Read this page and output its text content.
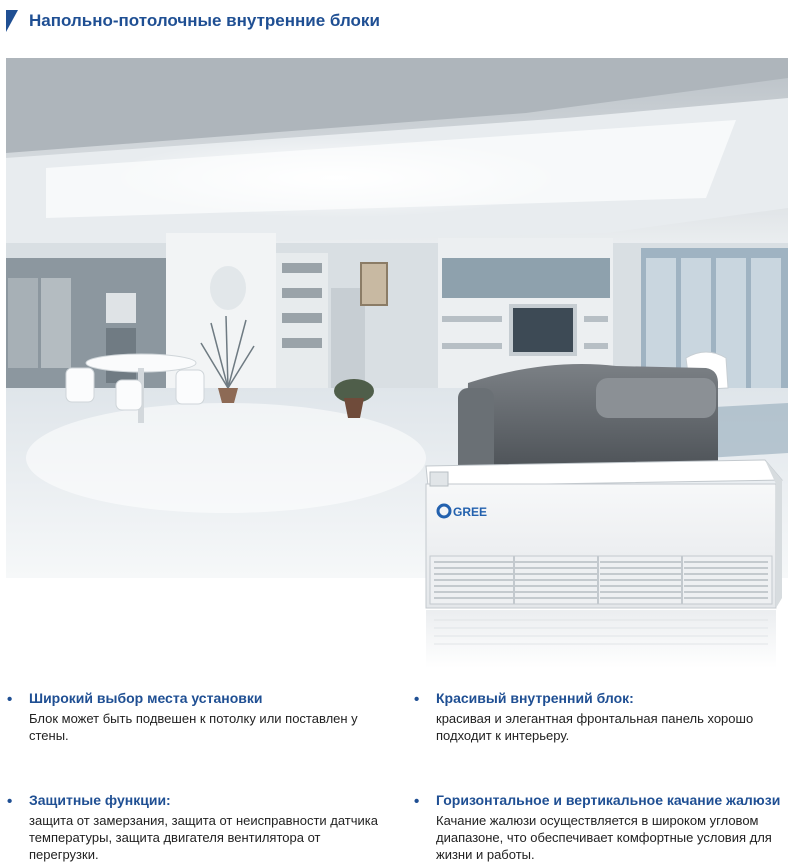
Напольно-потолочные внутренние блоки
GREE
• Широкий выбор места установки

Блок может быть подвешен к потолку или поставлен у стены.

• Красивый внутренний блок:

красивая и элегантная фронтальная панель хорошо подходит к интерьеру.

• Защитные функции:

защита от замерзания, защита от неисправности датчика температуры, защита двигателя вентилятора от перегрузки.

• Горизонтальное и вертикальное качание жалюзи

Качание жалюзи осуществляется в широком угловом диапазоне, что обеспечивает комфортные условия для жизни и работы.
